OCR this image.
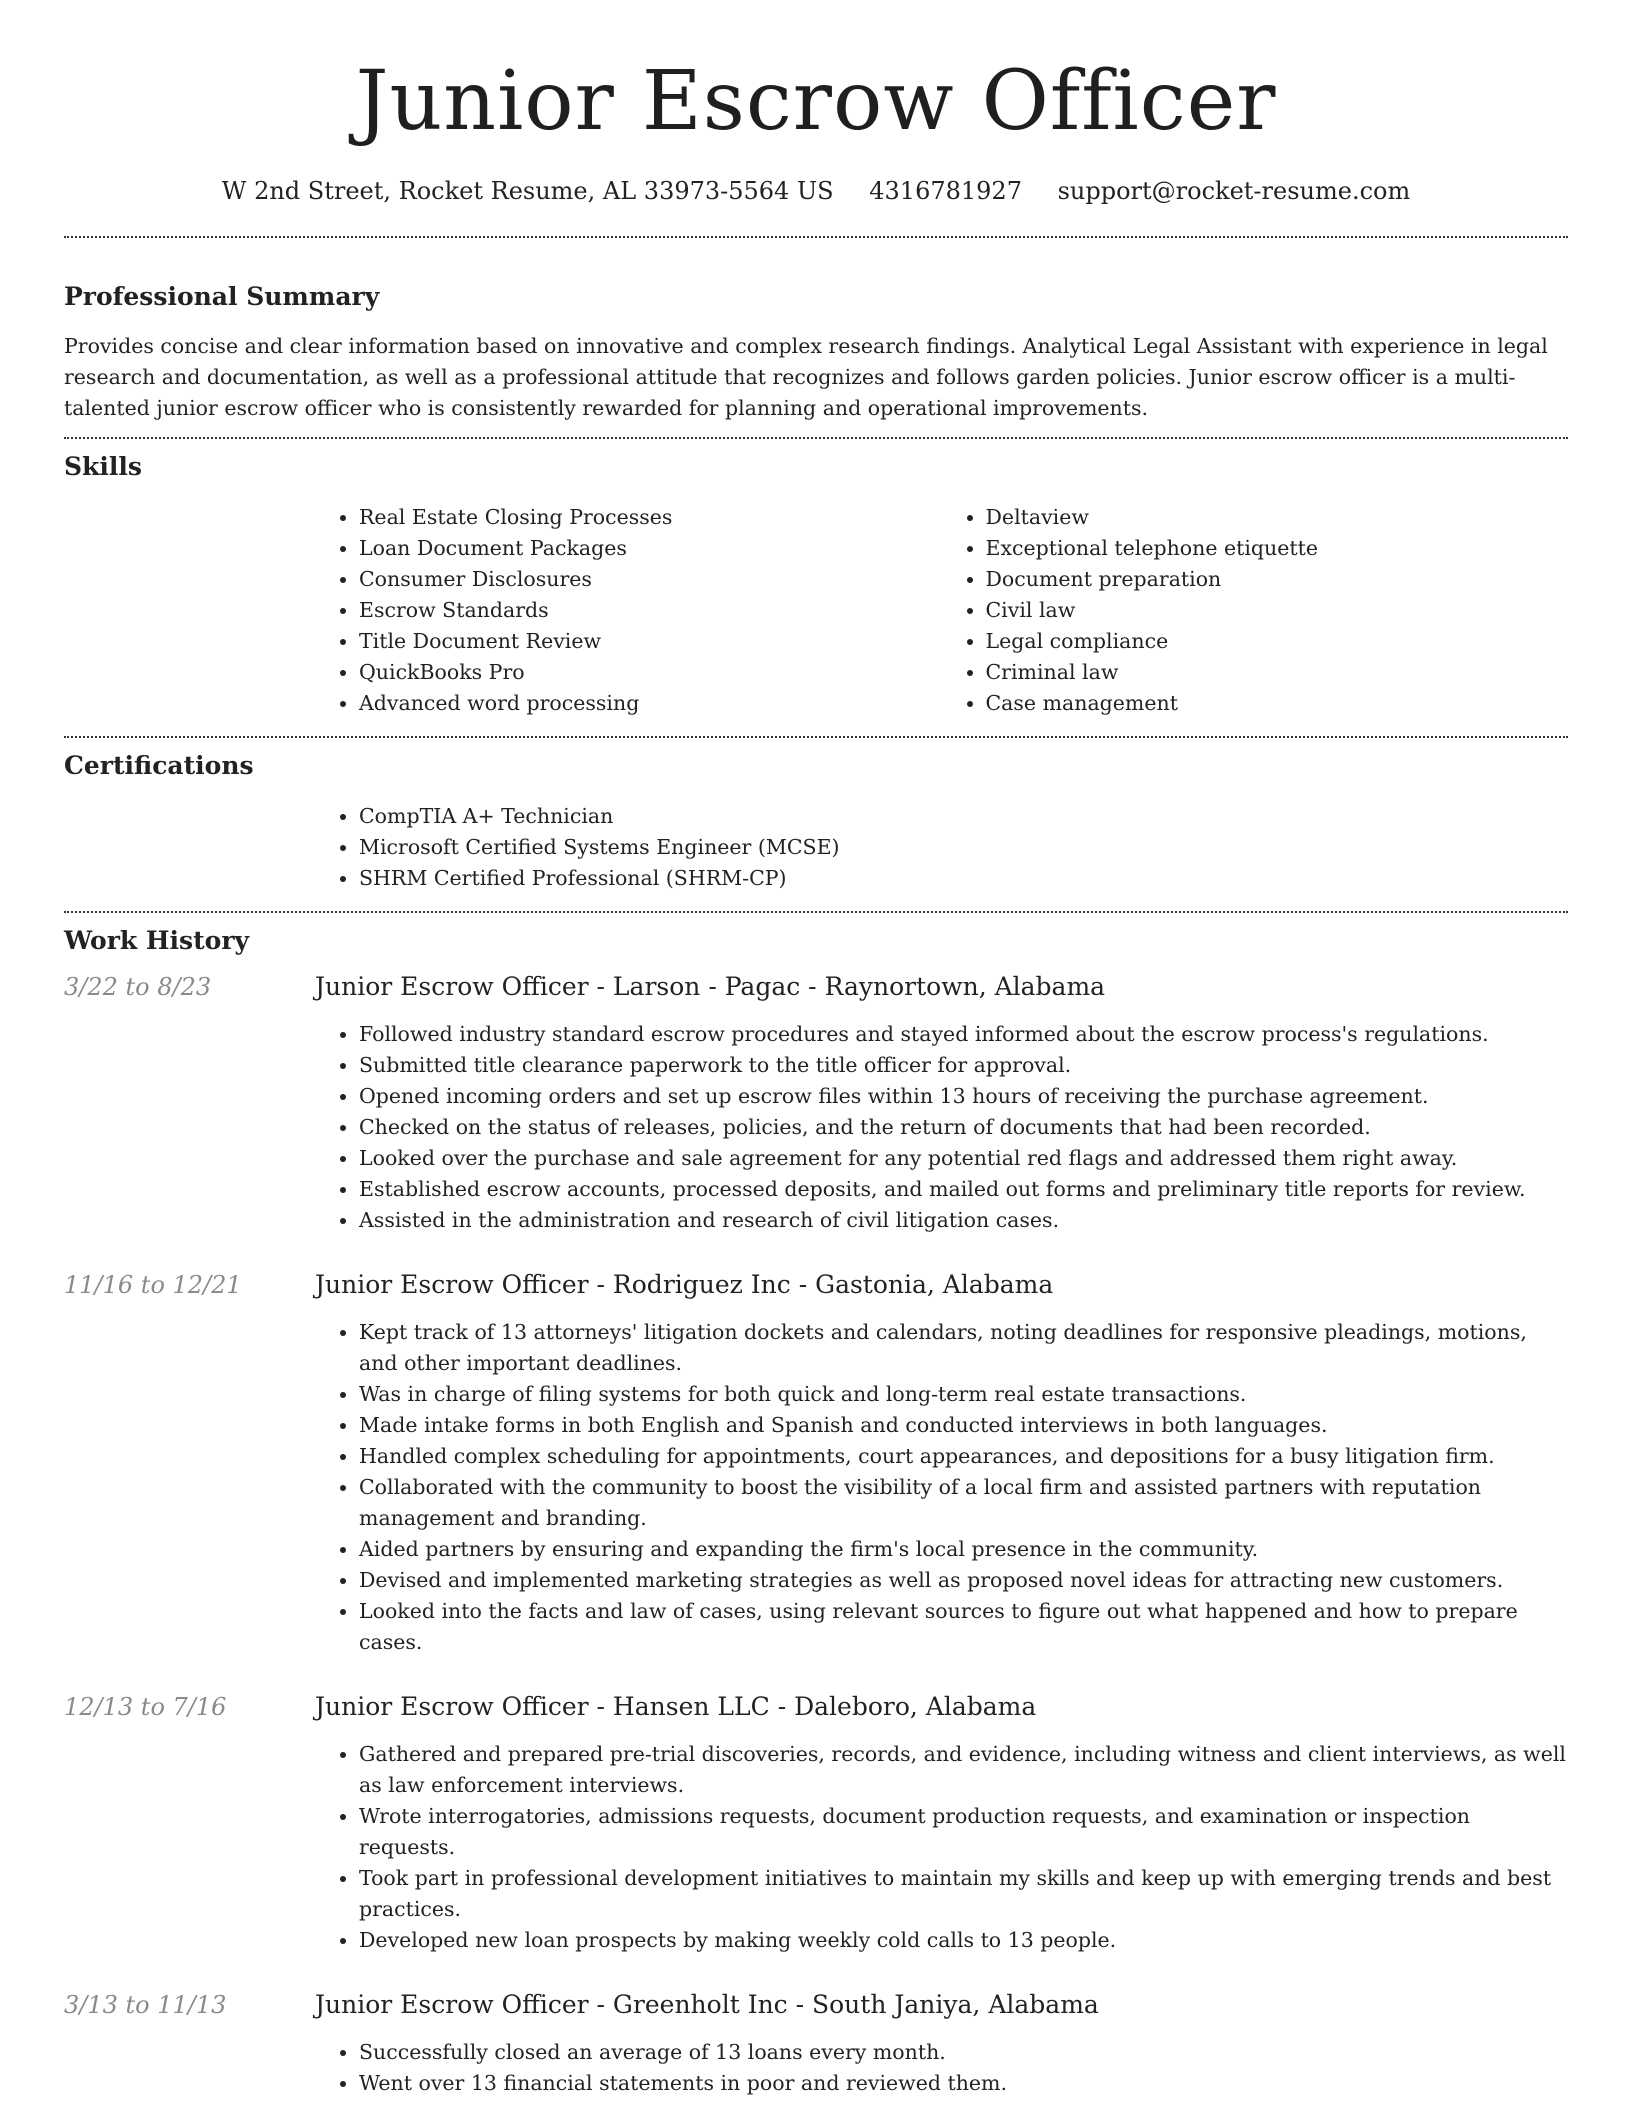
Junior Escrow Officer
W 2nd Street, Rocket Resume, AL 33973-5564 US 4316781927 support@rocket-resume.com
Professional Summary

Provides concise and clear information based on innovative and complex research findings. Analytical Legal Assistant with experience in legal research and documentation, as well as a professional attitude that recognizes and follows garden policies. Junior escrow officer is a multi-talented junior escrow officer who is consistently rewarded for planning and operational improvements.

Skills
• Real Estate Closing Processes
• Loan Document Packages
• Consumer Disclosures
• Escrow Standards
• Title Document Review
• QuickBooks Pro
• Advanced word processing
• Deltaview
• Exceptional telephone etiquette
• Document preparation
• Civil law
• Legal compliance
• Criminal law
• Case management
Certifications
• CompTIA A+ Technician
• Microsoft Certified Systems Engineer (MCSE)
• SHRM Certified Professional (SHRM-CP)
Work History
3/22 to 8/23	Junior Escrow Officer - Larson - Pagac - Raynortown, Alabama
• Followed industry standard escrow procedures and stayed informed about the escrow process's regulations.
• Submitted title clearance paperwork to the title officer for approval.
• Opened incoming orders and set up escrow files within 13 hours of receiving the purchase agreement.
• Checked on the status of releases, policies, and the return of documents that had been recorded.
• Looked over the purchase and sale agreement for any potential red flags and addressed them right away.
• Established escrow accounts, processed deposits, and mailed out forms and preliminary title reports for review.
• Assisted in the administration and research of civil litigation cases.
11/16 to 12/21	Junior Escrow Officer - Rodriguez Inc - Gastonia, Alabama
• Kept track of 13 attorneys' litigation dockets and calendars, noting deadlines for responsive pleadings, motions, and other important deadlines.
• Was in charge of filing systems for both quick and long-term real estate transactions.
• Made intake forms in both English and Spanish and conducted interviews in both languages.
• Handled complex scheduling for appointments, court appearances, and depositions for a busy litigation firm.
• Collaborated with the community to boost the visibility of a local firm and assisted partners with reputation management and branding.
• Aided partners by ensuring and expanding the firm's local presence in the community.
• Devised and implemented marketing strategies as well as proposed novel ideas for attracting new customers.
• Looked into the facts and law of cases, using relevant sources to figure out what happened and how to prepare cases.
12/13 to 7/16	Junior Escrow Officer - Hansen LLC - Daleboro, Alabama
• Gathered and prepared pre-trial discoveries, records, and evidence, including witness and client interviews, as well as law enforcement interviews.
• Wrote interrogatories, admissions requests, document production requests, and examination or inspection requests.
• Took part in professional development initiatives to maintain my skills and keep up with emerging trends and best practices.
• Developed new loan prospects by making weekly cold calls to 13 people.
3/13 to 11/13	Junior Escrow Officer - Greenholt Inc - South Janiya, Alabama
• Successfully closed an average of 13 loans every month.
• Went over 13 financial statements in poor and reviewed them.
